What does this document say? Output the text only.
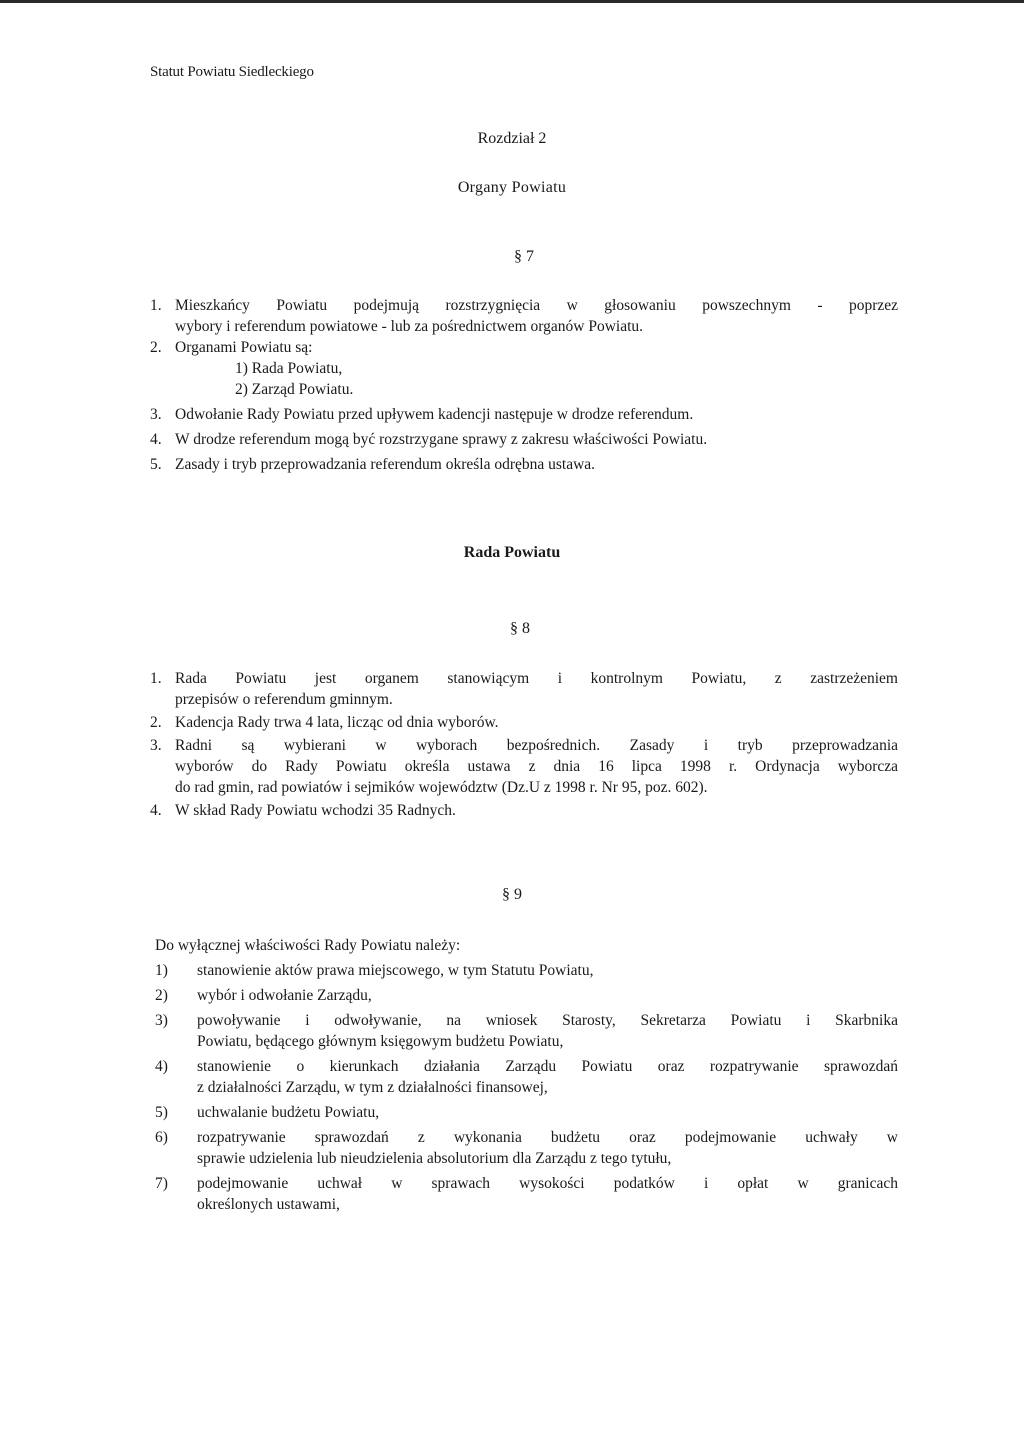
Statut Powiatu Siedleckiego
Rozdział 2
Organy Powiatu
§ 7
1. Mieszkańcy Powiatu podejmują rozstrzygnięcia w głosowaniu powszechnym - poprzez
wybory i referendum powiatowe - lub za pośrednictwem organów Powiatu.
2. Organami Powiatu są:
1) Rada Powiatu,
2) Zarząd Powiatu.
3. Odwołanie Rady Powiatu przed upływem kadencji następuje w drodze referendum.
4. W drodze referendum mogą być rozstrzygane sprawy z zakresu właściwości Powiatu.
5. Zasady i tryb przeprowadzania referendum określa odrębna ustawa.
Rada Powiatu
§ 8
1. Rada Powiatu jest organem stanowiącym i kontrolnym Powiatu, z zastrzeżeniem
przepisów o referendum gminnym.
2. Kadencja Rady trwa 4 lata, licząc od dnia wyborów.
3. Radni są wybierani w wyborach bezpośrednich. Zasady i tryb przeprowadzania
wyborów do Rady Powiatu określa ustawa z dnia 16 lipca 1998 r. Ordynacja wyborcza
do rad gmin, rad powiatów i sejmików województw (Dz.U z 1998 r. Nr 95, poz. 602).
4. W skład Rady Powiatu wchodzi 35 Radnych.
§ 9
Do wyłącznej właściwości Rady Powiatu należy:
1)	stanowienie aktów prawa miejscowego, w tym Statutu Powiatu,
2)	wybór i odwołanie Zarządu,
3)	powoływanie i odwoływanie, na wniosek Starosty, Sekretarza Powiatu i Skarbnika
Powiatu, będącego głównym księgowym budżetu Powiatu,
4)	stanowienie o kierunkach działania Zarządu Powiatu oraz rozpatrywanie sprawozdań
z działalności Zarządu, w tym z działalności finansowej,
5)	uchwalanie budżetu Powiatu,
6)	rozpatrywanie sprawozdań z wykonania budżetu oraz podejmowanie uchwały w
sprawie udzielenia lub nieudzielenia absolutorium dla Zarządu z tego tytułu,
7)	podejmowanie uchwał w sprawach wysokości podatków i opłat w granicach
określonych ustawami,
